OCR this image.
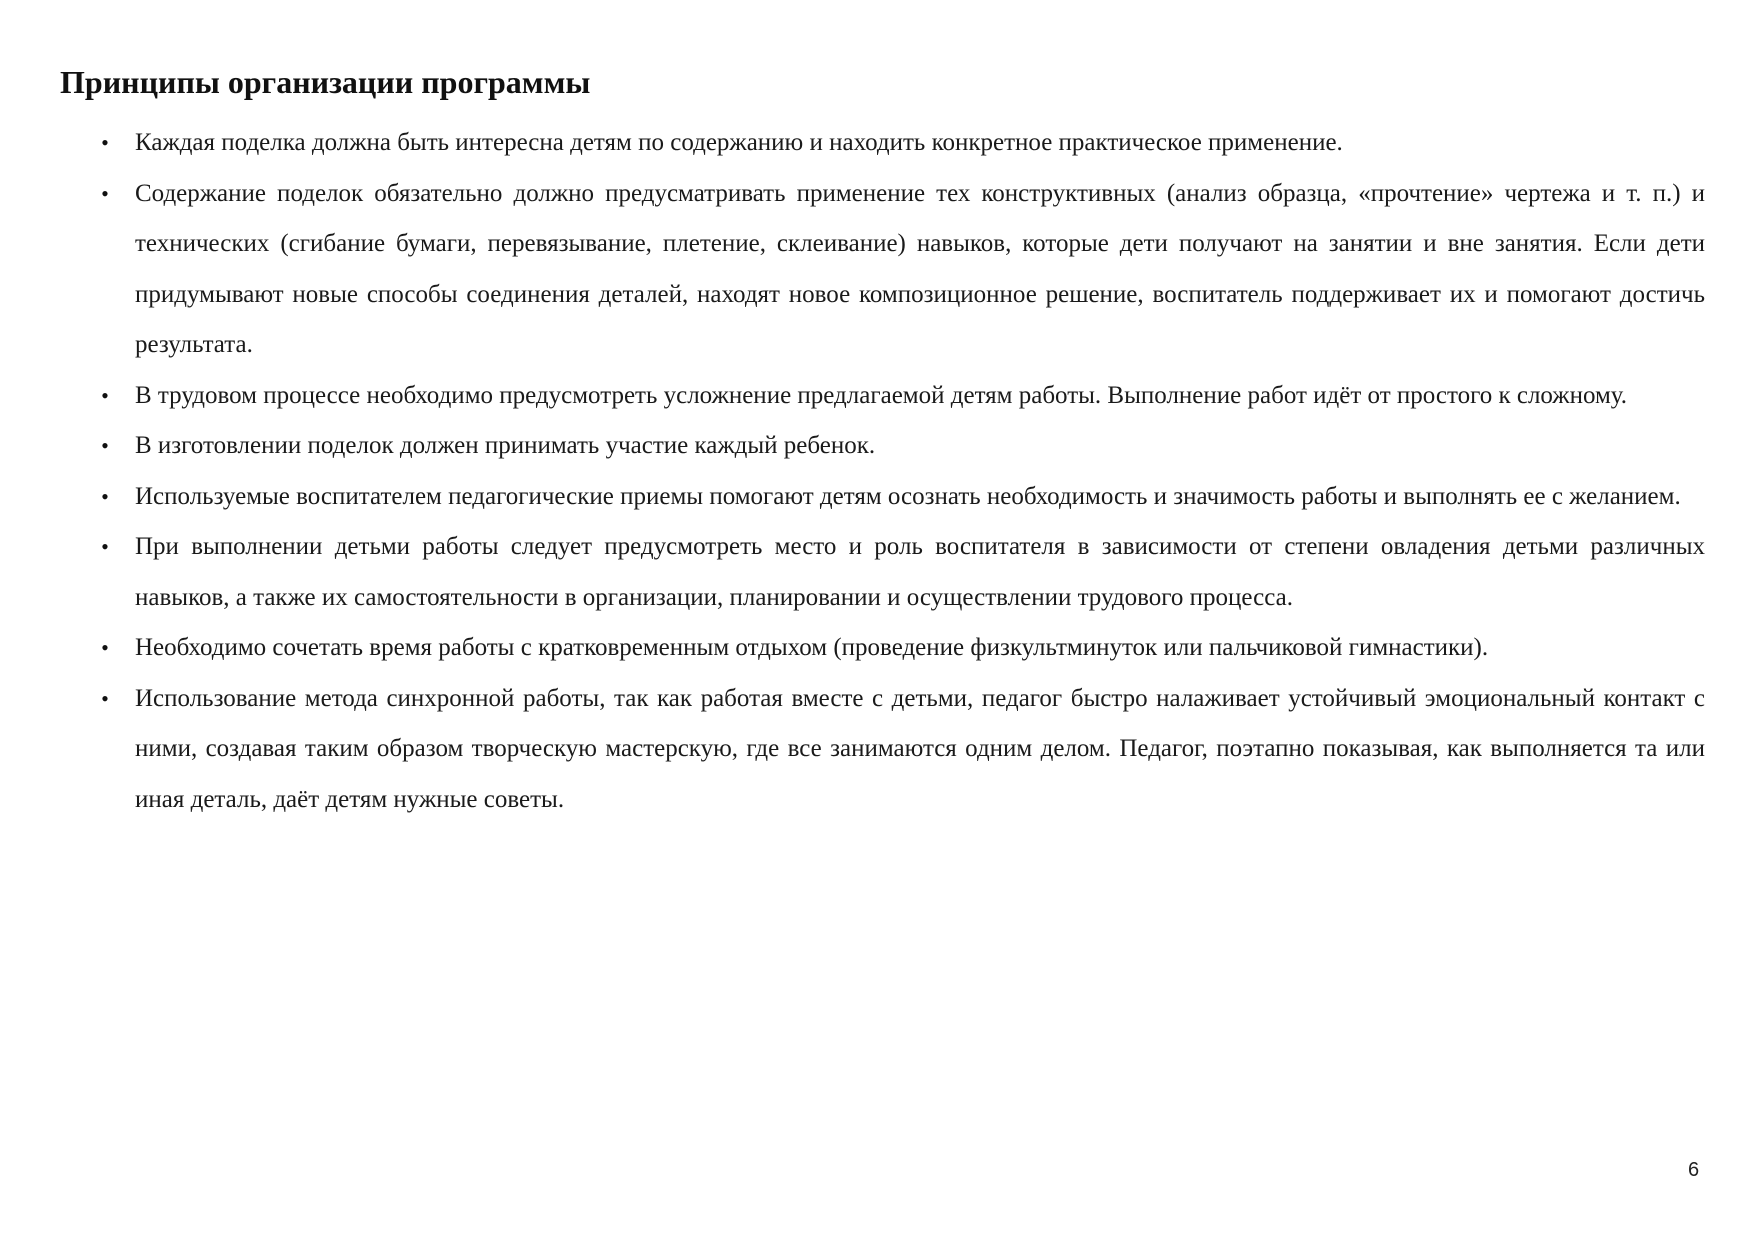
Принципы организации программы
• Каждая поделка должна быть интересна детям по содержанию и находить конкретное практическое применение.
• Содержание поделок обязательно должно предусматривать применение тех конструктивных (анализ образца, «прочтение» чертежа и т. п.) и технических (сгибание бумаги, перевязывание, плетение, склеивание) навыков, которые дети получают на занятии и вне занятия. Если дети придумывают новые способы соединения деталей, находят новое композиционное решение, воспитатель поддерживает их и помогают достичь результата.
• В трудовом процессе необходимо предусмотреть усложнение предлагаемой детям работы. Выполнение работ идёт от простого к сложному.
• В изготовлении поделок должен принимать участие каждый ребенок.
• Используемые воспитателем педагогические приемы помогают детям осознать необходимость и значимость работы и выполнять ее с желанием.
• При выполнении детьми работы следует предусмотреть место и роль воспитателя в зависимости от степени овладения детьми различных навыков, а также их самостоятельности в организации, планировании и осуществлении трудового процесса.
• Необходимо сочетать время работы с кратковременным отдыхом (проведение физкультминуток или пальчиковой гимнастики).
• Использование метода синхронной работы, так как работая вместе с детьми, педагог быстро налаживает устойчивый эмоциональный контакт с ними, создавая таким образом творческую мастерскую, где все занимаются одним делом. Педагог, поэтапно показывая, как выполняется та или иная деталь, даёт детям нужные советы.
6
